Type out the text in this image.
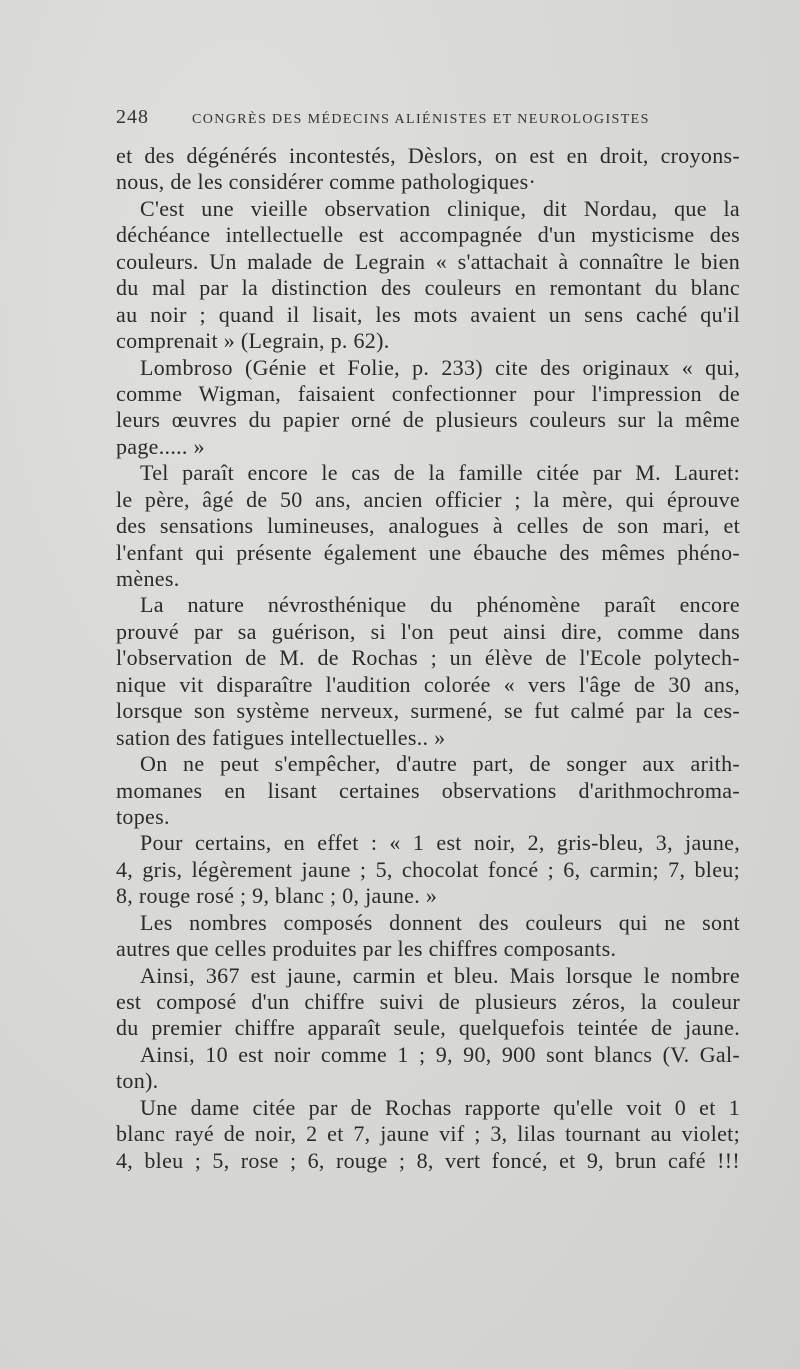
248	CONGRÈS DES MÉDECINS ALIÉNISTES ET NEUROLOGISTES
et des dégénérés incontestés, Dèslors, on est en droit, croyons-
nous, de les considérer comme pathologiques·
C'est une vieille observation clinique, dit Nordau, que la
déchéance intellectuelle est accompagnée d'un mysticisme des
couleurs. Un malade de Legrain « s'attachait à connaître le bien
du mal par la distinction des couleurs en remontant du blanc
au noir ; quand il lisait, les mots avaient un sens caché qu'il
comprenait » (Legrain, p. 62).
Lombroso (Génie et Folie, p. 233) cite des originaux « qui,
comme Wigman, faisaient confectionner pour l'impression de
leurs œuvres du papier orné de plusieurs couleurs sur la même
page..... »
Tel paraît encore le cas de la famille citée par M. Lauret:
le père, âgé de 50 ans, ancien officier ; la mère, qui éprouve
des sensations lumineuses, analogues à celles de son mari, et
l'enfant qui présente également une ébauche des mêmes phéno-
mènes.
La nature névrosthénique du phénomène paraît encore
prouvé par sa guérison, si l'on peut ainsi dire, comme dans
l'observation de M. de Rochas ; un élève de l'Ecole polytech-
nique vit disparaître l'audition colorée « vers l'âge de 30 ans,
lorsque son système nerveux, surmené, se fut calmé par la ces-
sation des fatigues intellectuelles.. »
On ne peut s'empêcher, d'autre part, de songer aux arith-
momanes en lisant certaines observations d'arithmochroma-
topes.
Pour certains, en effet : « 1 est noir, 2, gris-bleu, 3, jaune,
4, gris, légèrement jaune ; 5, chocolat foncé ; 6, carmin; 7, bleu;
8, rouge rosé ; 9, blanc ; 0, jaune. »
Les nombres composés donnent des couleurs qui ne sont
autres que celles produites par les chiffres composants.
Ainsi, 367 est jaune, carmin et bleu. Mais lorsque le nombre
est composé d'un chiffre suivi de plusieurs zéros, la couleur
du premier chiffre apparaît seule, quelquefois teintée de jaune.
Ainsi, 10 est noir comme 1 ; 9, 90, 900 sont blancs (V. Gal-
ton).
Une dame citée par de Rochas rapporte qu'elle voit 0 et 1
blanc rayé de noir, 2 et 7, jaune vif ; 3, lilas tournant au violet;
4, bleu ; 5, rose ; 6, rouge ; 8, vert foncé, et 9, brun café !!!
